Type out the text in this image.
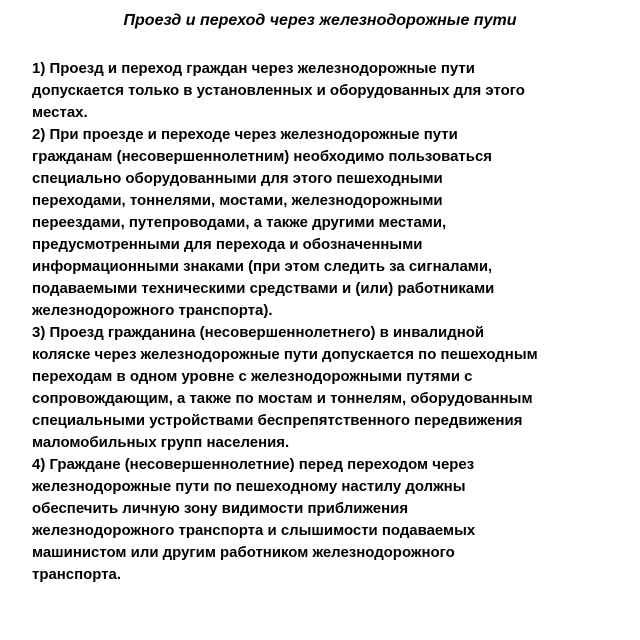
Проезд и переход через железнодорожные пути

1) Проезд и переход граждан через железнодорожные пути
допускается только в установленных и оборудованных для этого
местах.

2) При проезде и переходе через железнодорожные пути
гражданам (несовершеннолетним) необходимо пользоваться
специально оборудованными для этого пешеходными
переходами, тоннелями, мостами, железнодорожными
переездами, путепроводами, а также другими местами,
предусмотренными для перехода и обозначенными
информационными знаками (при этом следить за сигналами,
подаваемыми техническими средствами и (или) работниками
железнодорожного транспорта).

3) Проезд гражданина (несовершеннолетнего) в инвалидной
коляске через железнодорожные пути допускается по пешеходным
переходам в одном уровне с железнодорожными путями с
сопровождающим, а также по мостам и тоннелям, оборудованным
специальными устройствами беспрепятственного передвижения
маломобильных групп населения.

4) Граждане (несовершеннолетние) перед переходом через
железнодорожные пути по пешеходному настилу должны
обеспечить личную зону видимости приближения
железнодорожного транспорта и слышимости подаваемых
машинистом или другим работником железнодорожного
транспорта.
